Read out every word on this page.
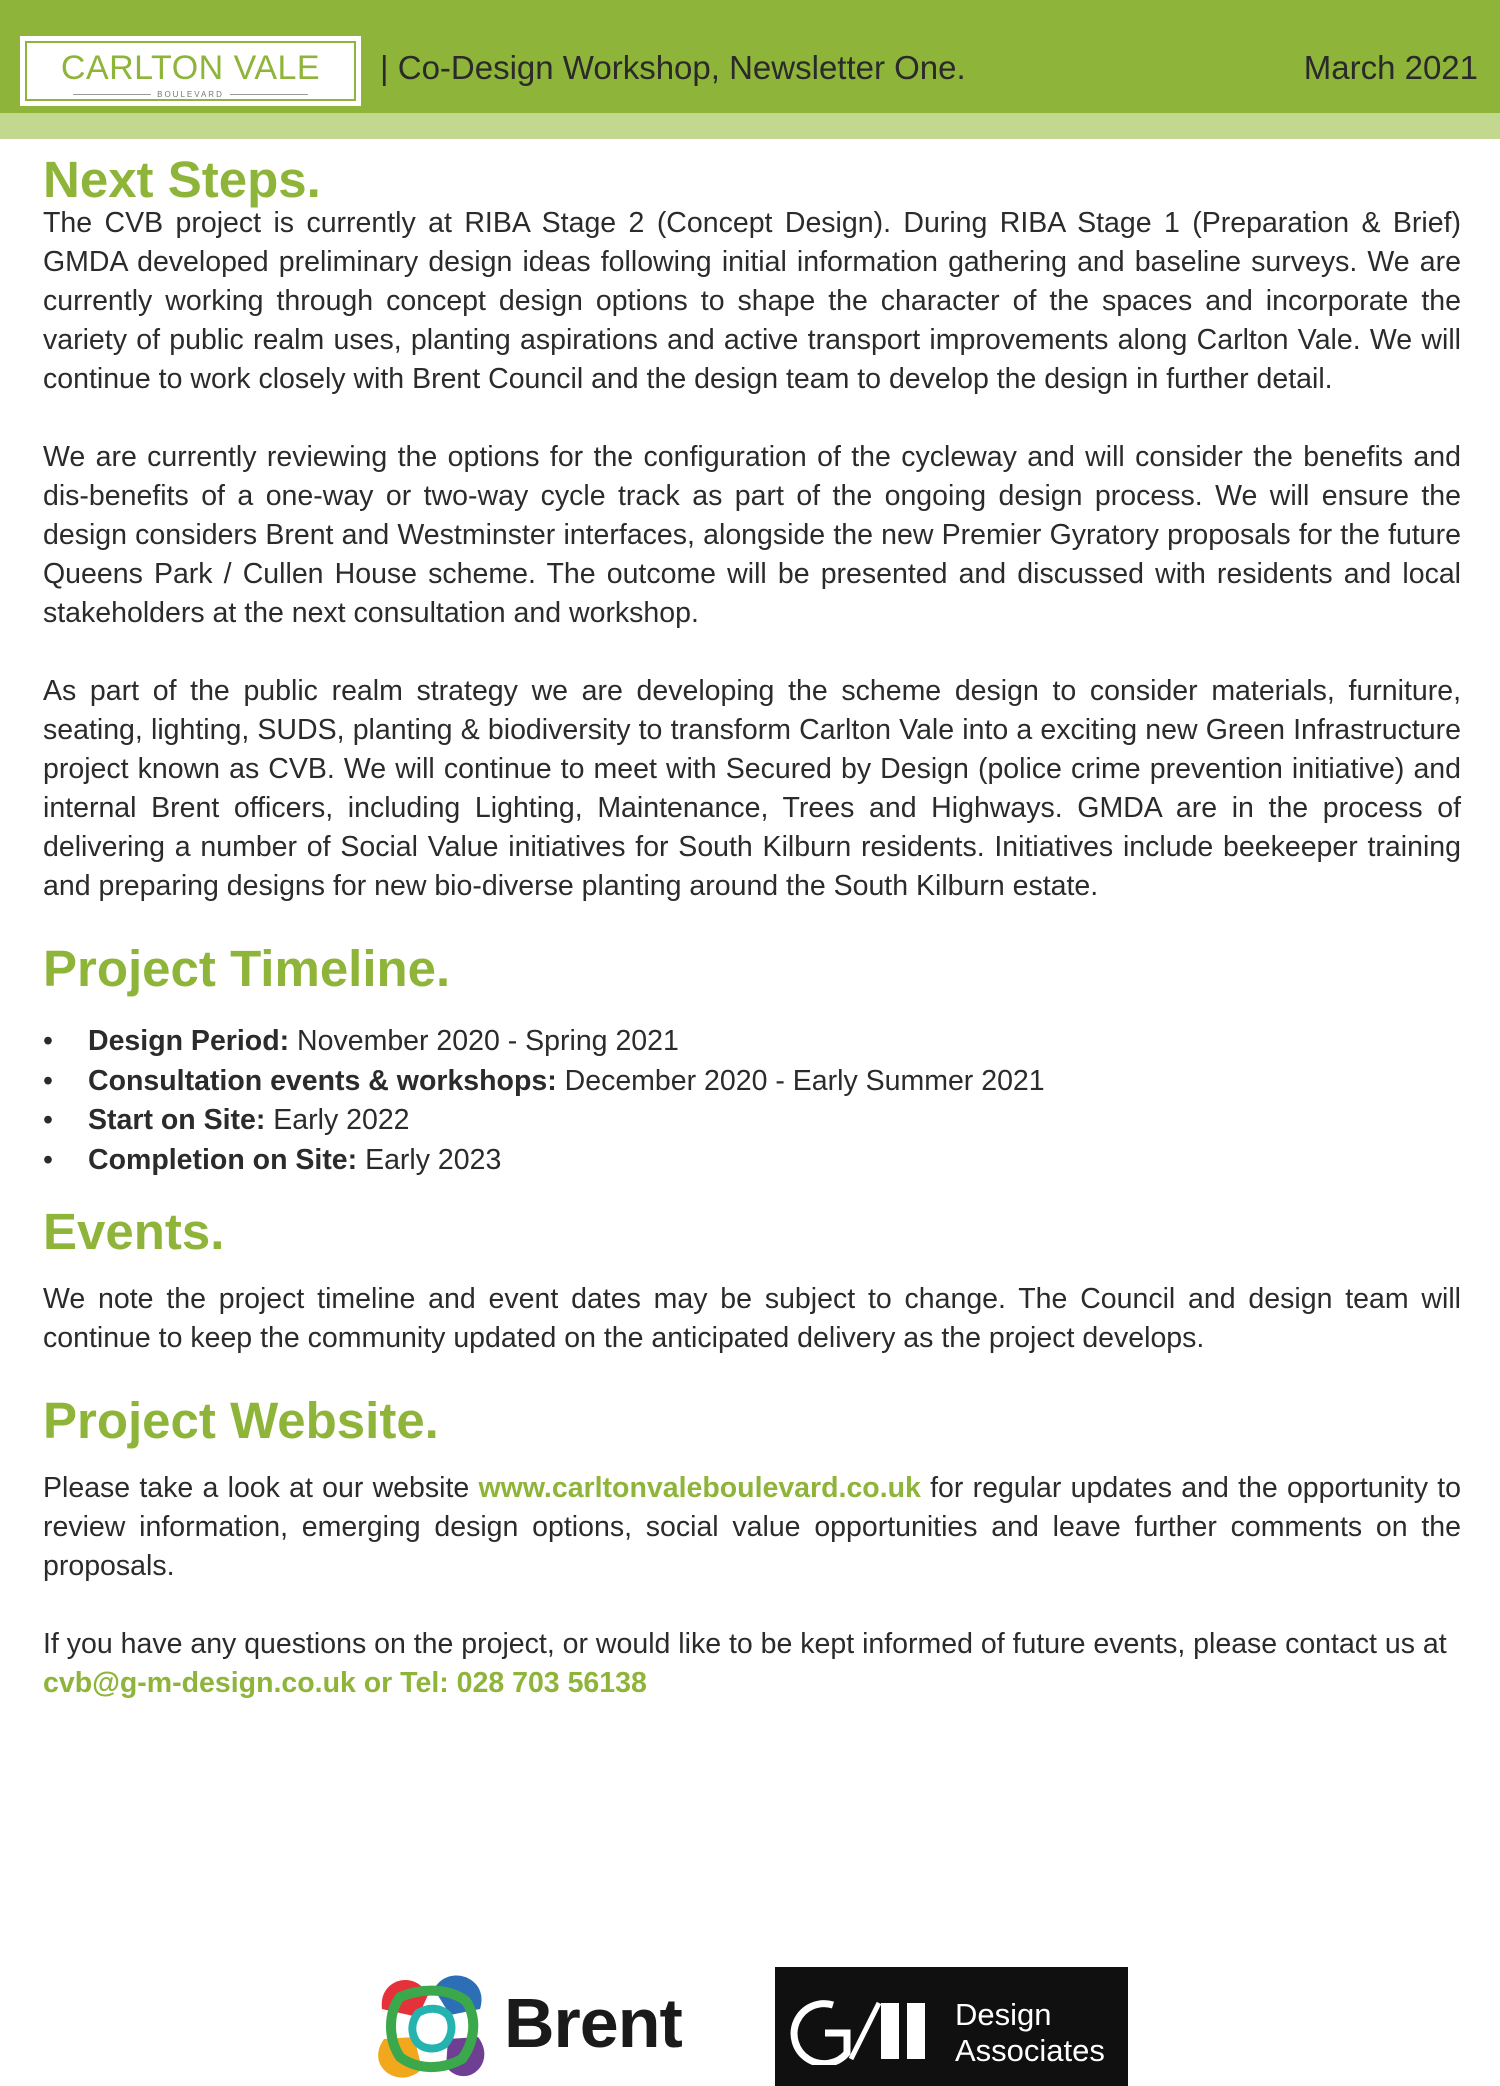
CARLTON VALE
BOULEVARD
| Co-Design Workshop, Newsletter One.	March 2021
Next Steps.

The CVB project is currently at RIBA Stage 2 (Concept Design). During RIBA Stage 1 (Preparation & Brief) GMDA developed preliminary design ideas following initial information gathering and baseline surveys. We are currently working through concept design options to shape the character of the spaces and incorporate the variety of public realm uses, planting aspirations and active transport improvements along Carlton Vale. We will continue to work closely with Brent Council and the design team to develop the design in further detail.

We are currently reviewing the options for the configuration of the cycleway and will consider the benefits and dis-benefits of a one-way or two-way cycle track as part of the ongoing design process. We will ensure the design considers Brent and Westminster interfaces, alongside the new Premier Gyratory proposals for the future Queens Park / Cullen House scheme. The outcome will be presented and discussed with residents and local stakeholders at the next consultation and workshop.

As part of the public realm strategy we are developing the scheme design to consider materials, furniture, seating, lighting, SUDS, planting & biodiversity to transform Carlton Vale into a exciting new Green Infrastructure project known as CVB. We will continue to meet with Secured by Design (police crime prevention initiative) and internal Brent officers, including Lighting, Maintenance, Trees and Highways. GMDA are in the process of delivering a number of Social Value initiatives for South Kilburn residents. Initiatives include beekeeper training and preparing designs for new bio-diverse planting around the South Kilburn estate.

Project Timeline.
• Design Period: November 2020 - Spring 2021
• Consultation events & workshops: December 2020 - Early Summer 2021
• Start on Site: Early 2022
• Completion on Site: Early 2023
Events.

We note the project timeline and event dates may be subject to change. The Council and design team will continue to keep the community updated on the anticipated delivery as the project develops.

Project Website.

Please take a look at our website www.carltonvaleboulevard.co.uk for regular updates and the opportunity to review information, emerging design options, social value opportunities and leave further comments on the proposals.

If you have any questions on the project, or would like to be kept informed of future events, please contact us at cvb@g-m-design.co.uk or Tel: 028 703 56138

Brent	Design
Associates
